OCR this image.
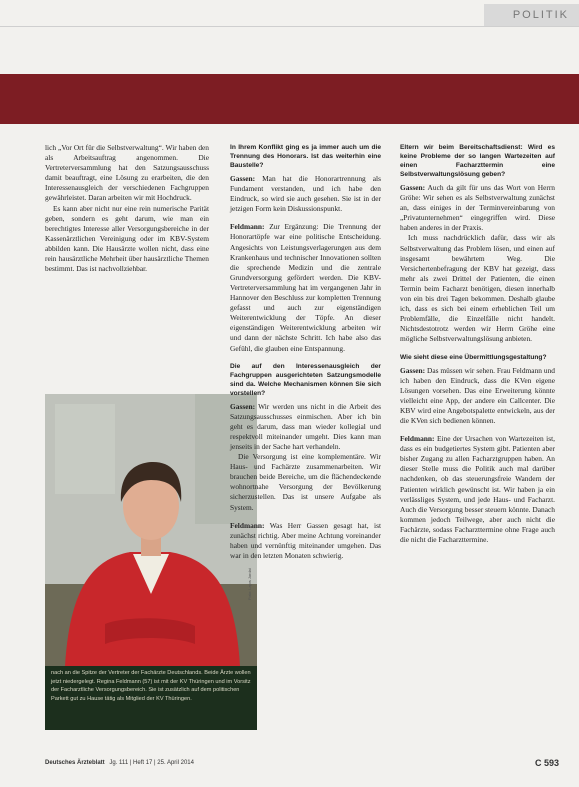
POLITIK

lich „Vor Ort für die Selbstverwaltung“. Wir haben den als Arbeitsauftrag angenommen. Die Vertreterversammlung hat den Satzungsausschuss damit beauftragt, eine Lösung zu erarbeiten, die den Interessenausgleich der verschiedenen Fachgruppen gewährleistet. Daran arbeiten wir mit Hochdruck.

Es kann aber nicht nur eine rein numerische Parität geben, sondern es geht darum, wie man ein berechtigtes Interesse aller Versorgungsbereiche in der Kassenärztlichen Vereinigung oder im KBV-System abbilden kann. Die Hausärzte wollen nicht, dass eine rein hausärztliche Mehrheit über hausärztliche Themen bestimmt. Das ist nachvollziehbar.

Foto: Lajos Jardai
nach an die Spitze der Vertreter der Fachärzte Deutschlands. Beide Ärzte wollen jetzt niedergelegt. Regina Feldmann (57) ist mit der KV Thüringen und im Vorsitz der Facharztliche Versorgungsbereich. Sie ist zusätzlich auf dem politischen Parkett gut zu Hause tätig als Mitglied der KV Thüringen.

In Ihrem Konflikt ging es ja immer auch um die Trennung des Honorars. Ist das weiterhin eine Baustelle?

Gassen: Man hat die Honorartrennung als Fundament verstanden, und ich habe den Eindruck, so wird sie auch gesehen. Sie ist in der jetzigen Form kein Diskussionspunkt.

Feldmann: Zur Ergänzung: Die Trennung der Honorartöpfe war eine politische Entscheidung. Angesichts von Leistungsverlagerungen aus dem Krankenhaus und technischer Innovationen sollten die sprechende Medizin und die zentrale Grundversorgung gefördert werden. Die KBV-Vertreterversammlung hat im vergangenen Jahr in Hannover den Beschluss zur kompletten Trennung gefasst und auch zur eigenständigen Weiterentwicklung der Töpfe. An dieser eigenständigen Weiterentwicklung arbeiten wir und dann der nächste Schritt. Ich habe also das Gefühl, die glauben eine Entspannung.

Die auf den Interessenausgleich der Fachgruppen ausgerichteten Satzungsmodelle sind da. Welche Mechanismen können Sie sich vorstellen?

Gassen: Wir werden uns nicht in die Arbeit des Satzungsausschusses einmischen. Aber ich bin geht es darum, dass man wieder kollegial und respektvoll miteinander umgeht. Dies kann man jenseits in der Sache hart verhandeln.

Die Versorgung ist eine komplementäre. Wir Haus- und Fachärzte zusammenarbeiten. Wir brauchen beide Bereiche, um die flächendeckende wohnortnahe Versorgung der Bevölkerung sicherzustellen. Das ist unsere Aufgabe als System.

Feldmann: Was Herr Gassen gesagt hat, ist zunächst richtig. Aber meine Achtung voreinander haben und vernünftig miteinander umgehen. Das war in den letzten Monaten schwierig.

Eltern wir beim Bereitschaftsdienst: Wird es keine Probleme der so langen Wartezeiten auf einen Facharzttermin eine Selbstverwaltungslösung geben?

Gassen: Auch da gilt für uns das Wort von Herrn Gröhe: Wir sehen es als Selbstverwaltung zunächst an, dass einiges in der Terminvereinbarung von „Privatunternehmen“ eingegriffen wird. Diese haben anderes in der Praxis.

Ich muss nachdrücklich dafür, dass wir als Selbstverwaltung das Problem lösen, und einen auf insgesamt bewährtem Weg. Die Versichertenbefragung der KBV hat gezeigt, dass mehr als zwei Drittel der Patienten, die einen Termin beim Facharzt benötigen, diesen innerhalb von ein bis drei Tagen bekommen. Deshalb glaube ich, dass es sich bei einem erheblichen Teil um Problemfälle, die Einzelfälle nicht handelt. Nichtsdestotrotz werden wir Herrn Gröhe eine mögliche Selbstverwaltungslösung anbieten.

Wie sieht diese eine Übermittlungsgestaltung?

Gassen: Das müssen wir sehen. Frau Feldmann und ich haben den Eindruck, dass die KVen eigene Lösungen vorsehen. Das eine Erweiterung könnte vielleicht eine App, der andere ein Callcenter. Die KBV wird eine Angebotspalette entwickeln, aus der die KVen sich bedienen können.

Feldmann: Eine der Ursachen von Wartezeiten ist, dass es ein budgetiertes System gibt. Patienten aber bisher Zugang zu allen Facharztgruppen haben. An dieser Stelle muss die Politik auch mal darüber nachdenken, ob das steuerungsfreie Wandern der Patienten wirklich gewünscht ist. Wir haben ja ein verlässliges System, und jede Haus- und Facharzt. Auch die Versorgung besser steuern könnte. Danach kommen jedoch Teilwege, aber auch nicht die Fachärzte, sodass Facharzttermine ohne Frage auch die nicht die Facharzttermine.

Deutsches Ärzteblatt Jg. 111 | Heft 17 | 25. April 2014	C 593
